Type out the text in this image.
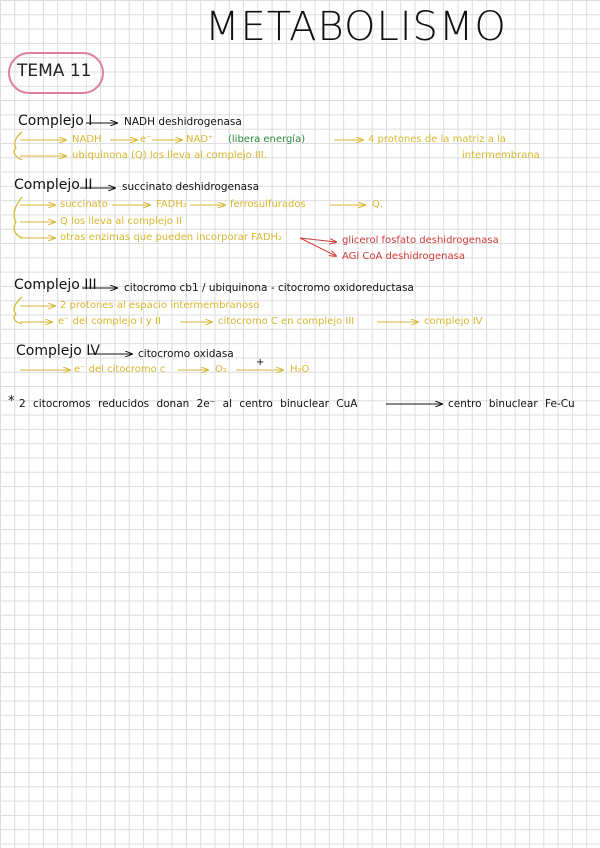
METABOLISMO
TEMA 11
+
Complejo I	NADH deshidrogenasa
NADH	e⁻	NAD⁺ (libera energía)	4 protones de la matriz a la
ubiquinona (Q) los lleva al complejo III.	intermembrana
Complejo II	succinato deshidrogenasa
succinato	FADH₂	ferrosulfurados	Q.
Q los lleva al complejo II
otras enzimas que pueden incorporar FADH₂	glicerol fosfato deshidrogenasa
AGl CoA deshidrogenasa
Complejo III	citocromo cb1 / ubiquinona - citocromo oxidoreductasa
2 protones al espacio intermembranoso
e⁻ del complejo I y II	citocromo C en complejo III	complejo IV
Complejo IV	citocromo oxidasa
e⁻ del citocromo c	O₂	H₂O
* 2 citocromos reducidos donan 2e⁻ al centro binuclear CuA	centro binuclear Fe-Cu
